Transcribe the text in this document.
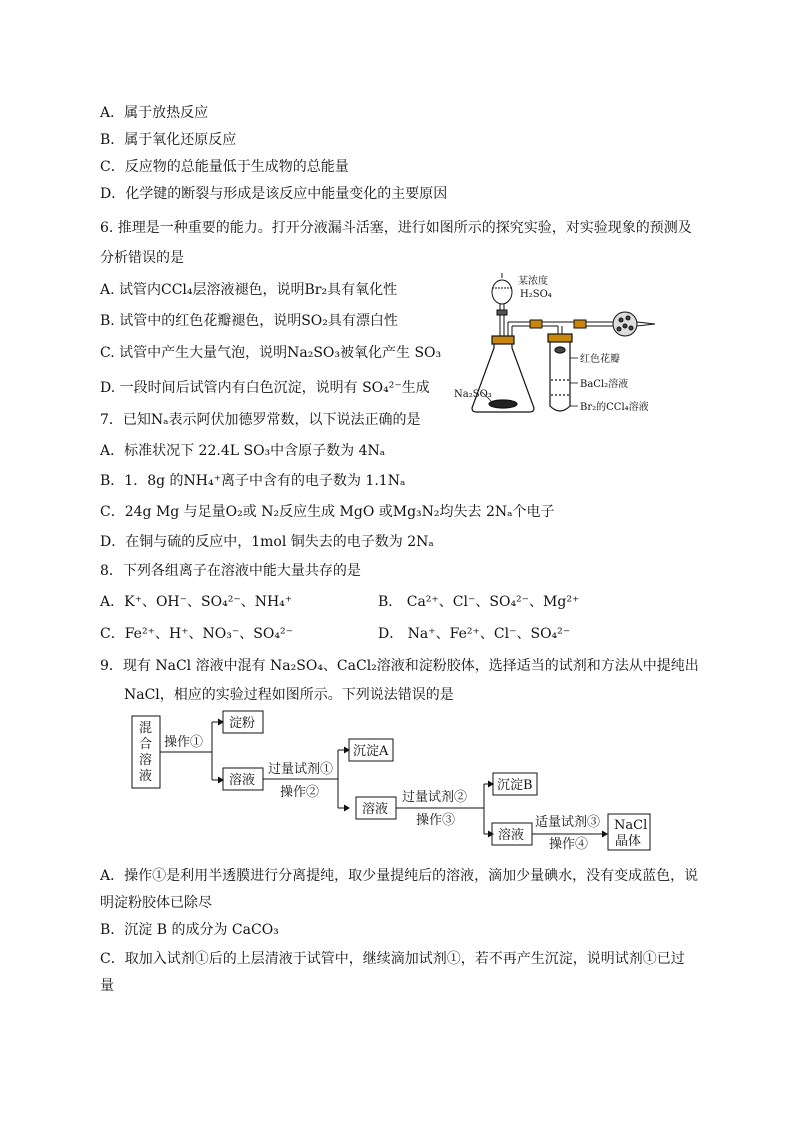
A．属于放热反应
B．属于氧化还原反应
C．反应物的总能量低于生成物的总能量
D．化学键的断裂与形成是该反应中能量变化的主要原因
6. 推理是一种重要的能力。打开分液漏斗活塞，进行如图所示的探究实验，对实验现象的预测及
分析错误的是
A. 试管内CCl₄层溶液褪色，说明Br₂具有氧化性
B. 试管中的红色花瓣褪色，说明SO₂具有漂白性
C. 试管中产生大量气泡，说明Na₂SO₃被氧化产生 SO₃
D. 一段时间后试管内有白色沉淀，说明有 SO₄²⁻生成
某浓度
H₂SO₄
Na₂SO₃
红色花瓣
BaCl₂溶液
Br₂的CCl₄溶液
7．已知Nₐ表示阿伏加德罗常数，以下说法正确的是
A．标准状况下 22.4L SO₃中含原子数为 4Nₐ
B．1．8g 的NH₄⁺离子中含有的电子数为 1.1Nₐ
C．24g Mg 与足量O₂或 N₂反应生成 MgO 或Mg₃N₂均失去 2Nₐ个电子
D．在铜与硫的反应中，1mol 铜失去的电子数为 2Nₐ
8．下列各组离子在溶液中能大量共存的是
A．K⁺、OH⁻、SO₄²⁻、NH₄⁺	B． Ca²⁺、Cl⁻、SO₄²⁻、Mg²⁺
C．Fe²⁺、H⁺、NO₃⁻、SO₄²⁻	D． Na⁺、Fe²⁺、Cl⁻、SO₄²⁻
9．现有 NaCl 溶液中混有 Na₂SO₄、CaCl₂溶液和淀粉胶体，选择适当的试剂和方法从中提纯出
NaCl，相应的实验过程如图所示。下列说法错误的是
混
合
溶
液
操作①
淀粉
溶液
过量试剂①
操作②
沉淀A
溶液
过量试剂②
操作③
沉淀B
溶液
适量试剂③
操作④
NaCl
晶体
A．操作①是利用半透膜进行分离提纯，取少量提纯后的溶液，滴加少量碘水，没有变成蓝色，说
明淀粉胶体已除尽
B．沉淀 B 的成分为 CaCO₃
C．取加入试剂①后的上层清液于试管中，继续滴加试剂①，若不再产生沉淀，说明试剂①已过
量
